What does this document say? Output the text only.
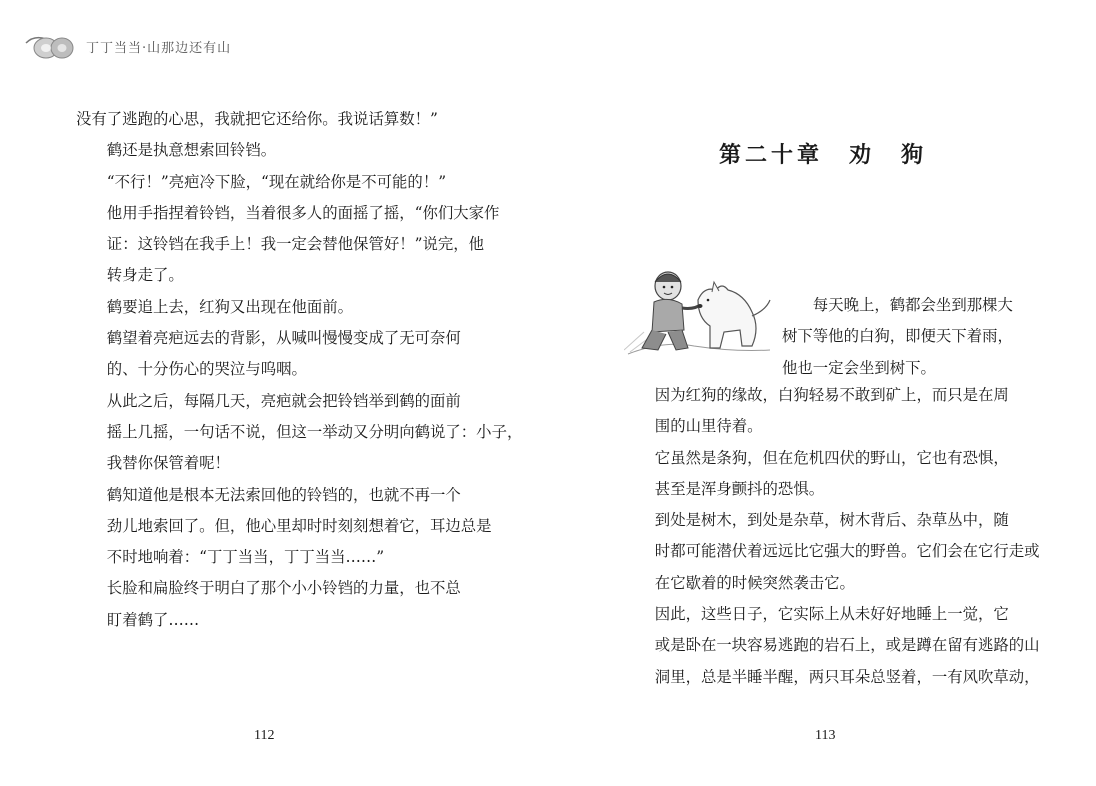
丁丁当当·山那边还有山

没有了逃跑的心思，我就把它还给你。我说话算数！”

鹤还是执意想索回铃铛。

“不行！”亮疤冷下脸，“现在就给你是不可能的！”
他用手指捏着铃铛，当着很多人的面摇了摇，“你们大家作
证：这铃铛在我手上！我一定会替他保管好！”说完，他
转身走了。

鹤要追上去，红狗又出现在他面前。

鹤望着亮疤远去的背影，从喊叫慢慢变成了无可奈何
的、十分伤心的哭泣与呜咽。

从此之后，每隔几天，亮疤就会把铃铛举到鹤的面前
摇上几摇，一句话不说，但这一举动又分明向鹤说了：小子，
我替你保管着呢！

鹤知道他是根本无法索回他的铃铛的，也就不再一个
劲儿地索回了。但，他心里却时时刻刻想着它，耳边总是
不时地响着：“丁丁当当，丁丁当当……”

长脸和扁脸终于明白了那个小小铃铛的力量，也不总
盯着鹤了……

112
第二十章　劝　狗

每天晚上，鹤都会坐到那棵大
树下等他的白狗，即便天下着雨，
他也一定会坐到树下。

因为红狗的缘故，白狗轻易不敢到矿上，而只是在周
围的山里待着。

它虽然是条狗，但在危机四伏的野山，它也有恐惧，
甚至是浑身颤抖的恐惧。

到处是树木，到处是杂草，树木背后、杂草丛中，随
时都可能潜伏着远远比它强大的野兽。它们会在它行走或
在它歇着的时候突然袭击它。

因此，这些日子，它实际上从未好好地睡上一觉，它
或是卧在一块容易逃跑的岩石上，或是蹲在留有逃路的山
洞里，总是半睡半醒，两只耳朵总竖着，一有风吹草动，

113
